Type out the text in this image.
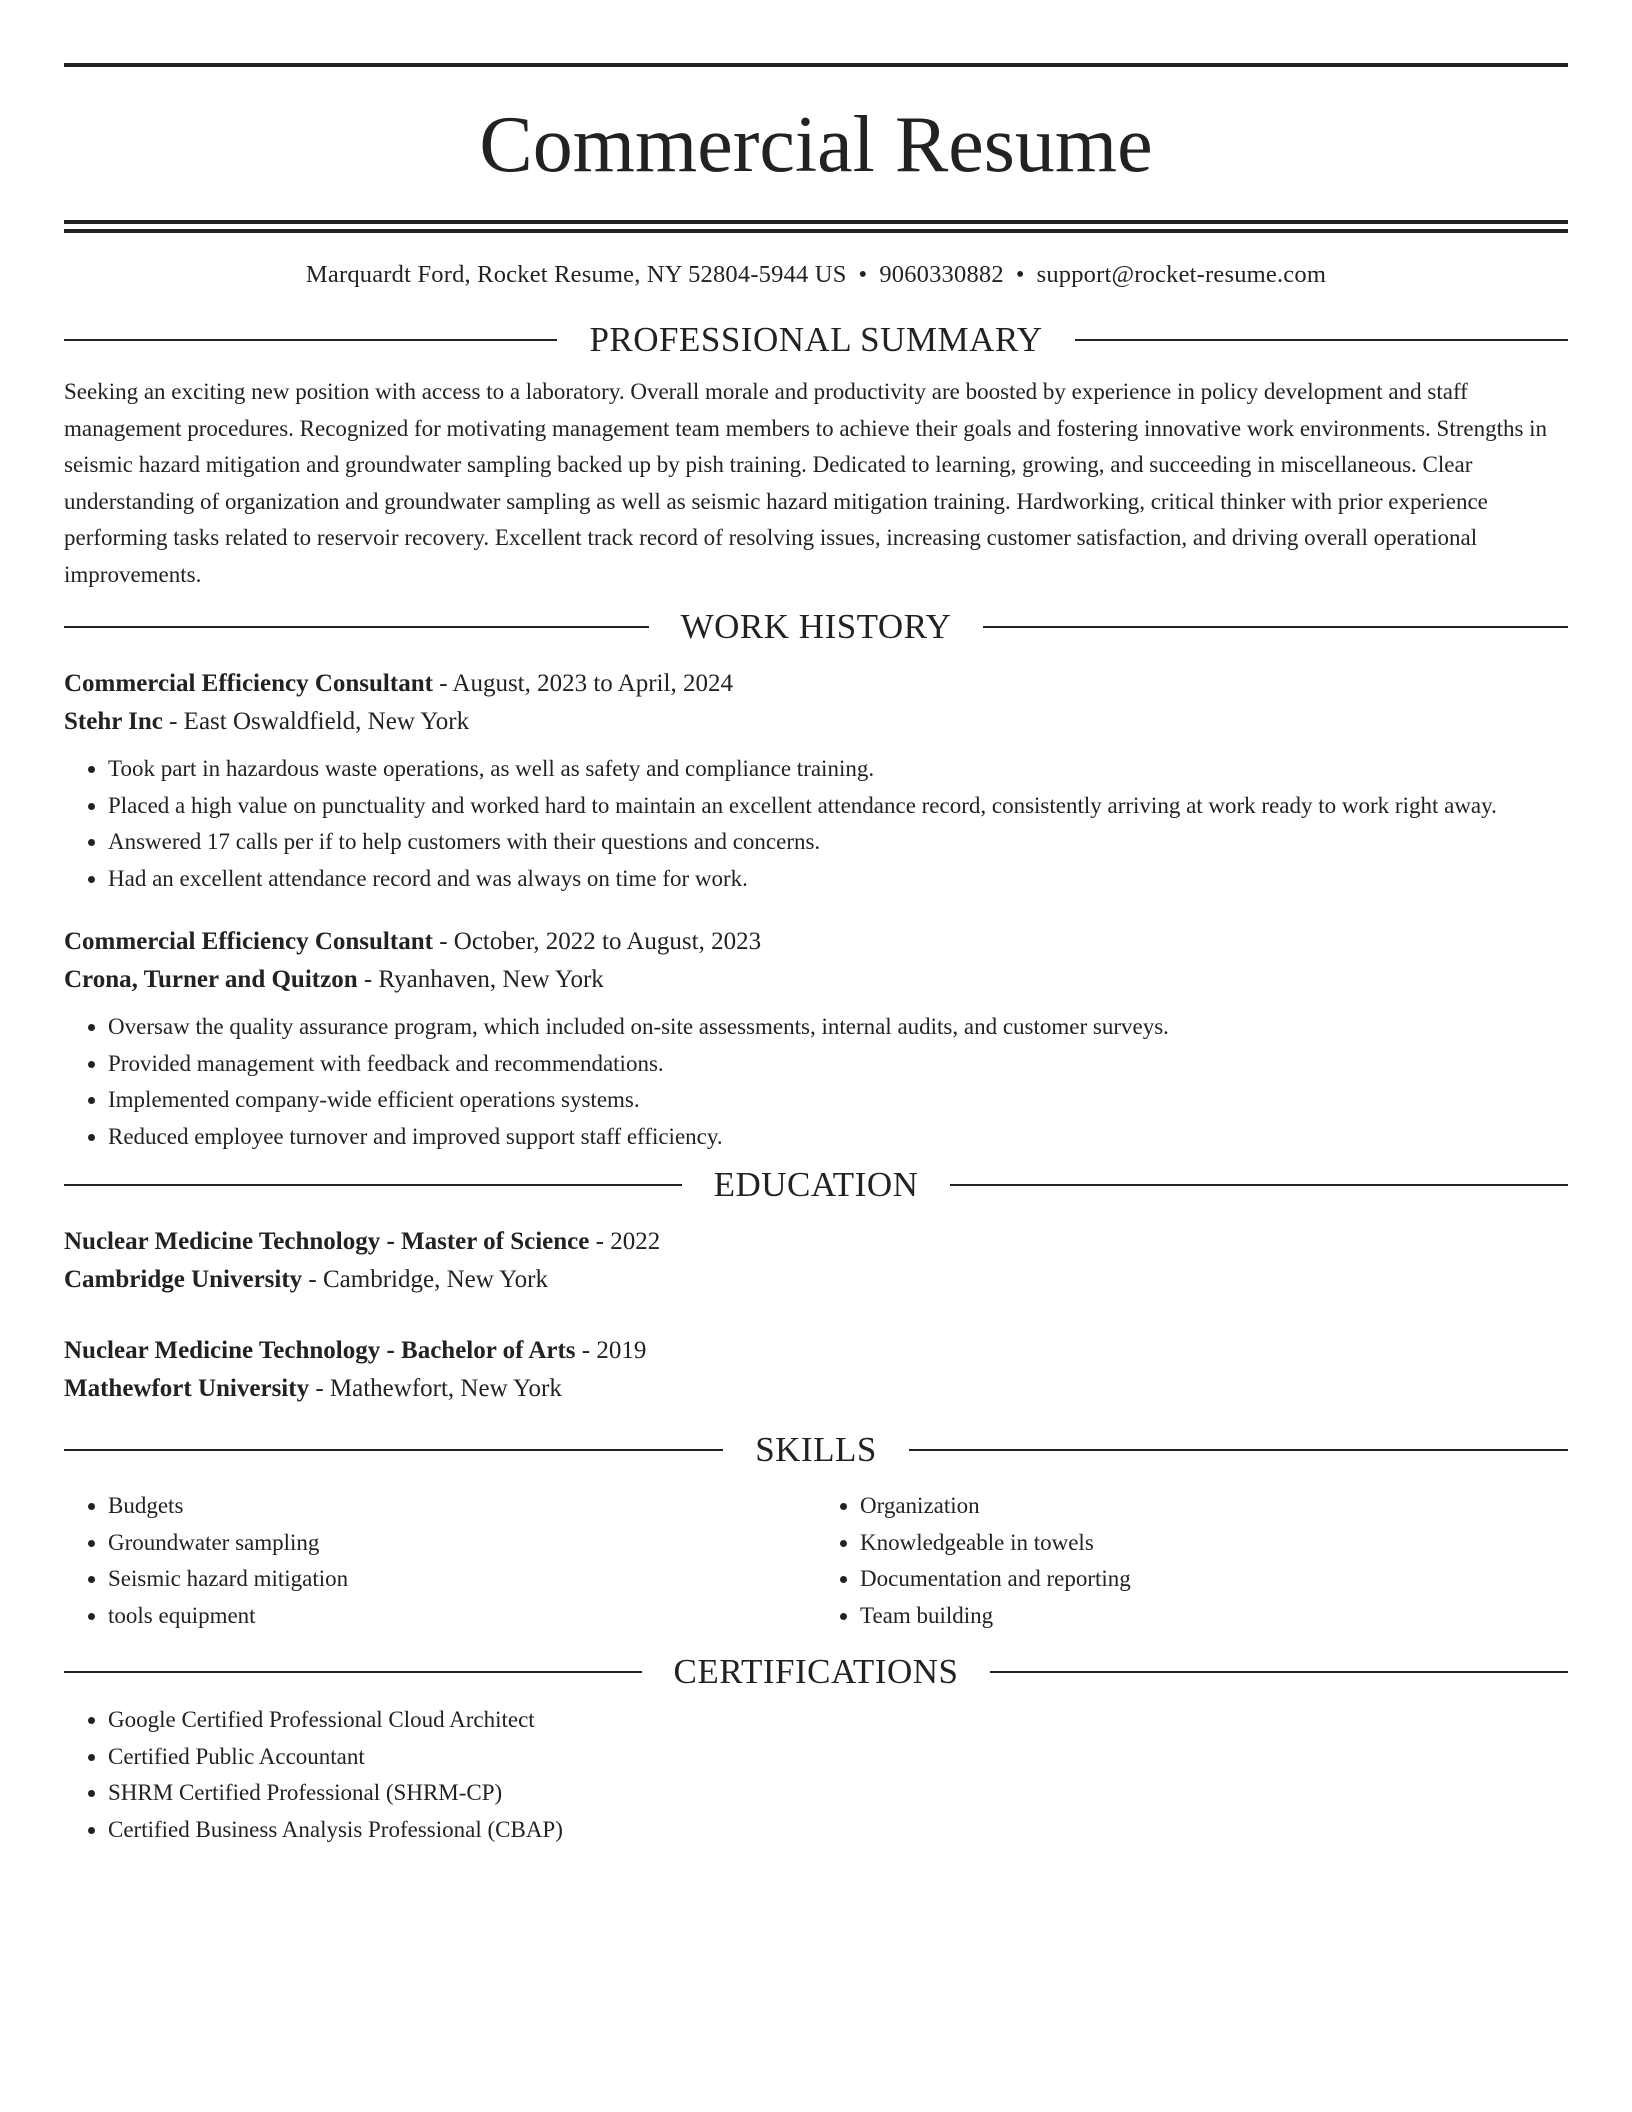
Commercial Resume
Marquardt Ford, Rocket Resume, NY 52804-5944 US • 9060330882 • support@rocket-resume.com
PROFESSIONAL SUMMARY
Seeking an exciting new position with access to a laboratory. Overall morale and productivity are boosted by experience in policy development and staff management procedures. Recognized for motivating management team members to achieve their goals and fostering innovative work environments. Strengths in seismic hazard mitigation and groundwater sampling backed up by pish training. Dedicated to learning, growing, and succeeding in miscellaneous. Clear understanding of organization and groundwater sampling as well as seismic hazard mitigation training. Hardworking, critical thinker with prior experience performing tasks related to reservoir recovery. Excellent track record of resolving issues, increasing customer satisfaction, and driving overall operational improvements.
WORK HISTORY
Commercial Efficiency Consultant - August, 2023 to April, 2024
Stehr Inc - East Oswaldfield, New York
• Took part in hazardous waste operations, as well as safety and compliance training.
• Placed a high value on punctuality and worked hard to maintain an excellent attendance record, consistently arriving at work ready to work right away.
• Answered 17 calls per if to help customers with their questions and concerns.
• Had an excellent attendance record and was always on time for work.
Commercial Efficiency Consultant - October, 2022 to August, 2023
Crona, Turner and Quitzon - Ryanhaven, New York
• Oversaw the quality assurance program, which included on-site assessments, internal audits, and customer surveys.
• Provided management with feedback and recommendations.
• Implemented company-wide efficient operations systems.
• Reduced employee turnover and improved support staff efficiency.
EDUCATION
Nuclear Medicine Technology - Master of Science - 2022
Cambridge University - Cambridge, New York
Nuclear Medicine Technology - Bachelor of Arts - 2019
Mathewfort University - Mathewfort, New York
SKILLS
• Budgets
• Groundwater sampling
• Seismic hazard mitigation
• tools equipment
• Organization
• Knowledgeable in towels
• Documentation and reporting
• Team building
CERTIFICATIONS
• Google Certified Professional Cloud Architect
• Certified Public Accountant
• SHRM Certified Professional (SHRM-CP)
• Certified Business Analysis Professional (CBAP)
